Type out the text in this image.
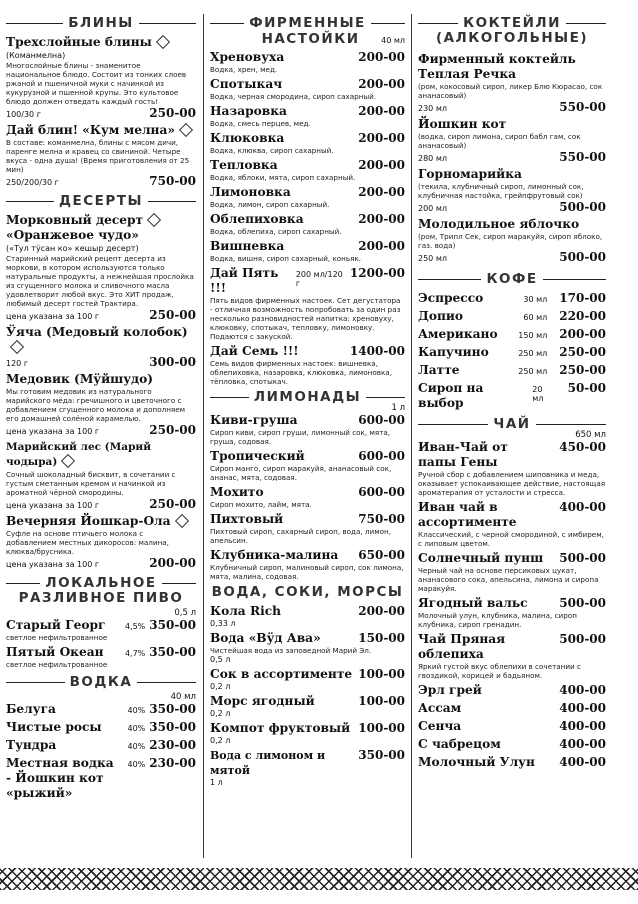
БЛИНЫ
Трехслойные блины
(Команмелна)
Многослойные блины - знаменитое национальное блюдо. Состоит из тонких слоев ржаной и пшеничной муки с начинкой из кукурузной и пшенной крупы. Это культовое блюдо должен отведать каждый гость!
100/30 г	250-00
Дай блин! «Кум мелна»
В составе: команмелна, блины с мясом дичи, паренге мелна и кравец со свининой. Четыре вкуса - одна душа! (Время приготовления от 25 мин)
250/200/30 г	750-00
ДЕСЕРТЫ
Морковный десерт
«Оранжевое чудо»
(«Тул тӱсан ко» кешыр десерт)
Старинный марийский рецепт десерта из моркови, в котором используются только натуральные продукты, а нежнейшая прослойка из сгущенного молока и сливочного масла удовлетворит любой вкус. Это ХИТ продаж, любимый десерт гостей Трактира.
цена указана за 100 г	250-00
Ӱяча (Медовый колобок)
120 г	300-00
Медовик (Мӱйшудо)
Мы готовим медовик из натурального марийского мёда: гречишного и цветочного с добавлением сгущенного молока и дополняем его домашней солёной карамелью.
цена указана за 100 г	250-00
Марийский лес (Марий чодыра)
Сочный шоколадный бисквит, в сочетании с густым сметанным кремом и начинкой из ароматной чёрной смородины.
цена указана за 100 г	250-00
Вечерняя Йошкар-Ола
Суфле на основе птичьего молока с добавлением местных дикоросов: малина, клюква/брусника.
цена указана за 100 г	200-00
ЛОКАЛЬНОЕ
РАЗЛИВНОЕ ПИВО
0,5 л
Старый Георг 4,5% 350-00
светлое нефильтрованное
Пятый Океан	4,7% 350-00
светлое нефильтрованное
ВОДКА
40 мл
Белуга	40% 350-00
Чистые росы	40% 350-00
Тундра	40% 230-00
Местная водка - Йошкин кот «рыжий»
40% 230-00
ФИРМЕННЫЕ
НАСТОЙКИ	40 мл
Хреновуха	200-00
Водка, хрен, мед.
Спотыкач	200-00
Водка, черная смородина, сироп сахарный.
Назаровка	200-00
Водка, смесь перцев, мед.
Клюковка	200-00
Водка, клюква, сироп сахарный.
Тепловка	200-00
Водка, яблоки, мята, сироп сахарный.
Лимоновка	200-00
Водка, лимон, сироп сахарный.
Облепиховка	200-00
Водка, облепиха, сироп сахарный.
Вишневка	200-00
Водка, вишня, сироп сахарный, коньяк.
Дай Пять !!!
200 мл/120 г
1200-00
Пять видов фирменных настоек. Сет дегустатора - отличная возможность попробовать за один раз несколько разновидностей напитка: хреновуху, клюковку, спотыкач, тепловку, лимоновку. Подаются с закуской.
Дай Семь !!!	1400-00
Семь видов фирменных настоек: вишневка, облепиховка, назаровка, клюковка, лимоновка, тёпловка, спотыкач.
ЛИМОНАДЫ
1 л
Киви-груша	600-00
Сироп киви, сироп груши, лимонный сок, мята, груша, содовая.
Тропический	600-00
Сироп манго, сироп маракуйя, ананасовый сок, ананас, мята, содовая.
Мохито	600-00
Сироп мохито, лайм, мята.
Пихтовый	750-00
Пихтовый сироп, сахарный сироп, вода, лимон, апельсин.
Клубника-малина 650-00
Клубничный сироп, малиновый сироп, сок лимона, мята, малина, содовая.
ВОДА, СОКИ, МОРСЫ
Кола Rich	200-00
0,33 л
Вода «Вӱд Ава»	150-00
Чистейшая вода из заповедной Марий Эл.
0,5 л
Сок в ассортименте 100-00
0,2 л
Морс ягодный	100-00
0,2 л
Компот фруктовый 100-00
0,2 л
Вода с лимоном и мятой
350-00
1 л
КОКТЕЙЛИ
(АЛКОГОЛЬНЫЕ)
Фирменный коктейль Теплая Речка
(ром, кокосовый сироп, ликер Блю Кюрасао, сок ананасовый)
230 мл	550-00
Йошкин кот
(водка, сироп лимона, сироп бабл гам, сок ананасовый)
280 мл	550-00
Горномарийка
(текила, клубничный сироп, лимонный сок, клубничная настойка, грейпфрутовый сок)
200 мл	500-00
Молодильное яблочко
(ром, Трипл Сек, сироп маракуйя, сироп яблоко, газ. вода)
250 мл	500-00
КОФЕ
Эспрессо	30 мл 170-00
Допио	60 мл 220-00
Американо	150 мл 200-00
Капучино	250 мл 250-00
Латте	250 мл 250-00
Сироп на выбор
20 мл
50-00
ЧАЙ
650 мл
Иван-Чай от папы Гены
450-00
Ручной сбор с добавлением шиповника и меда, оказывает успокаивающее действие, настоящая ароматерапия от усталости и стресса.
Иван чай в ассортименте
400-00
Классический, с черной смородиной, с имбирем, с липовым цветом.
Солнечный пунш 500-00
Черный чай на основе персиковых цукат, ананасового сока, апельсина, лимона и сиропа маракуйя.
Ягодный вальс	500-00
Молочный улун, клубника, малина, сироп клубника, сироп гренадин.
Чай Пряная облепиха
500-00
Яркий густой вкус облепихи в сочетании с гвоздикой, корицей и бадьяном.
Эрл грей	400-00
Ассам	400-00
Сенча	400-00
С чабрецом	400-00
Молочный Улун 400-00
